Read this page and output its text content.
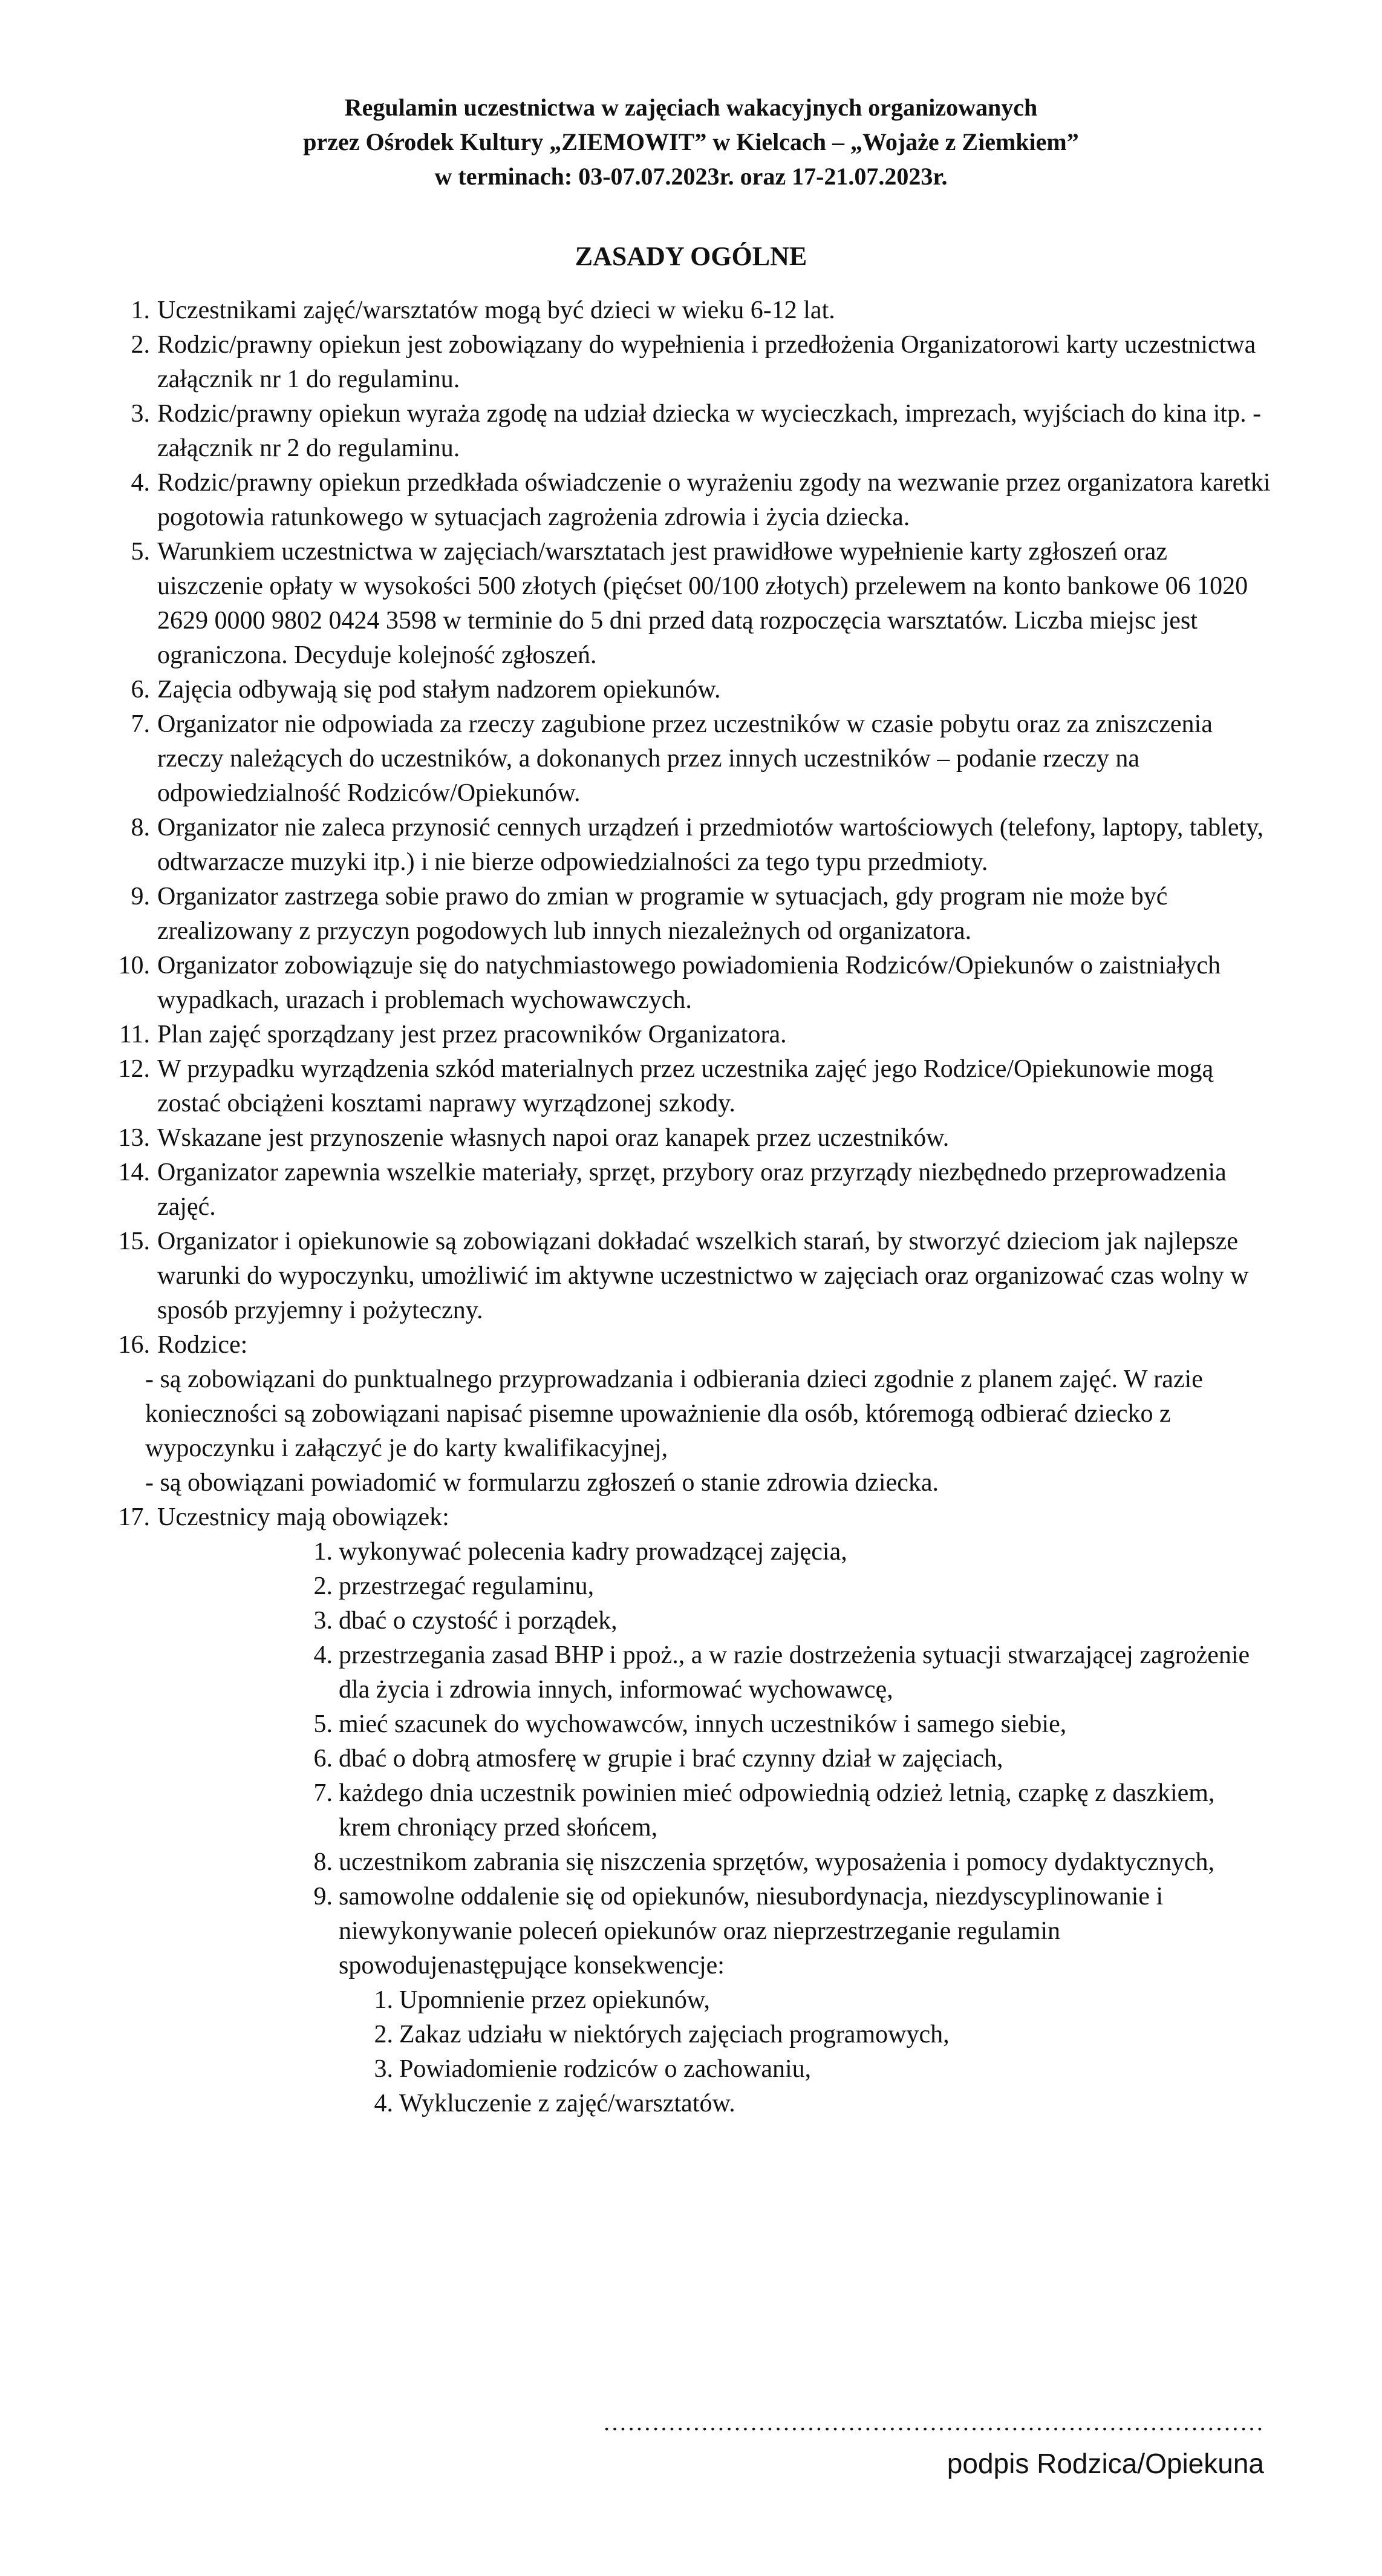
Regulamin uczestnictwa w zajęciach wakacyjnych organizowanych
przez Ośrodek Kultury „ZIEMOWIT” w Kielcach – „Wojaże z Ziemkiem”
w terminach: 03-07.07.2023r. oraz 17-21.07.2023r.
ZASADY OGÓLNE
1. Uczestnikami zajęć/warsztatów mogą być dzieci w wieku 6-12 lat.
2. Rodzic/prawny opiekun jest zobowiązany do wypełnienia i przedłożenia Organizatorowi karty uczestnictwa załącznik nr 1 do regulaminu.
3. Rodzic/prawny opiekun wyraża zgodę na udział dziecka w wycieczkach, imprezach, wyjściach do kina itp. - załącznik nr 2 do regulaminu.
4. Rodzic/prawny opiekun przedkłada oświadczenie o wyrażeniu zgody na wezwanie przez organizatora karetki pogotowia ratunkowego w sytuacjach zagrożenia zdrowia i życia dziecka.
5. Warunkiem uczestnictwa w zajęciach/warsztatach jest prawidłowe wypełnienie karty zgłoszeń oraz uiszczenie opłaty w wysokości 500 złotych (pięćset 00/100 złotych) przelewem na konto bankowe 06 1020 2629 0000 9802 0424 3598 w terminie do 5 dni przed datą rozpoczęcia warsztatów. Liczba miejsc jest ograniczona. Decyduje kolejność zgłoszeń.
6. Zajęcia odbywają się pod stałym nadzorem opiekunów.
7. Organizator nie odpowiada za rzeczy zagubione przez uczestników w czasie pobytu oraz za zniszczenia rzeczy należących do uczestników, a dokonanych przez innych uczestników – podanie rzeczy na odpowiedzialność Rodziców/Opiekunów.
8. Organizator nie zaleca przynosić cennych urządzeń i przedmiotów wartościowych (telefony, laptopy, tablety, odtwarzacze muzyki itp.) i nie bierze odpowiedzialności za tego typu przedmioty.
9. Organizator zastrzega sobie prawo do zmian w programie w sytuacjach, gdy program nie może być zrealizowany z przyczyn pogodowych lub innych niezależnych od organizatora.
10. Organizator zobowiązuje się do natychmiastowego powiadomienia Rodziców/Opiekunów o zaistniałych wypadkach, urazach i problemach wychowawczych.
11. Plan zajęć sporządzany jest przez pracowników Organizatora.
12. W przypadku wyrządzenia szkód materialnych przez uczestnika zajęć jego Rodzice/Opiekunowie mogą zostać obciążeni kosztami naprawy wyrządzonej szkody.
13. Wskazane jest przynoszenie własnych napoi oraz kanapek przez uczestników.
14. Organizator zapewnia wszelkie materiały, sprzęt, przybory oraz przyrządy niezbędnedo przeprowadzenia zajęć.
15. Organizator i opiekunowie są zobowiązani dokładać wszelkich starań, by stworzyć dzieciom jak najlepsze warunki do wypoczynku, umożliwić im aktywne uczestnictwo w zajęciach oraz organizować czas wolny w sposób przyjemny i pożyteczny.
16. Rodzice:
- są zobowiązani do punktualnego przyprowadzania i odbierania dzieci zgodnie z planem zajęć. W razie konieczności są zobowiązani napisać pisemne upoważnienie dla osób, któremogą odbierać dziecko z wypoczynku i załączyć je do karty kwalifikacyjnej,
- są obowiązani powiadomić w formularzu zgłoszeń o stanie zdrowia dziecka.
17. Uczestnicy mają obowiązek:
1. wykonywać polecenia kadry prowadzącej zajęcia,
2. przestrzegać regulaminu,
3. dbać o czystość i porządek,
4. przestrzegania zasad BHP i ppoż., a w razie dostrzeżenia sytuacji stwarzającej zagrożenie dla życia i zdrowia innych, informować wychowawcę,
5. mieć szacunek do wychowawców, innych uczestników i samego siebie,
6. dbać o dobrą atmosferę w grupie i brać czynny dział w zajęciach,
7. każdego dnia uczestnik powinien mieć odpowiednią odzież letnią, czapkę z daszkiem, krem chroniący przed słońcem,
8. uczestnikom zabrania się niszczenia sprzętów, wyposażenia i pomocy dydaktycznych,
9. samowolne oddalenie się od opiekunów, niesubordynacja, niezdyscyplinowanie i niewykonywanie poleceń opiekunów oraz nieprzestrzeganie regulamin spowodujenastępujące konsekwencje:
1. Upomnienie przez opiekunów,
2. Zakaz udziału w niektórych zajęciach programowych,
3. Powiadomienie rodziców o zachowaniu,
4. Wykluczenie z zajęć/warsztatów.
………………………………………………………………………
podpis Rodzica/Opiekuna
